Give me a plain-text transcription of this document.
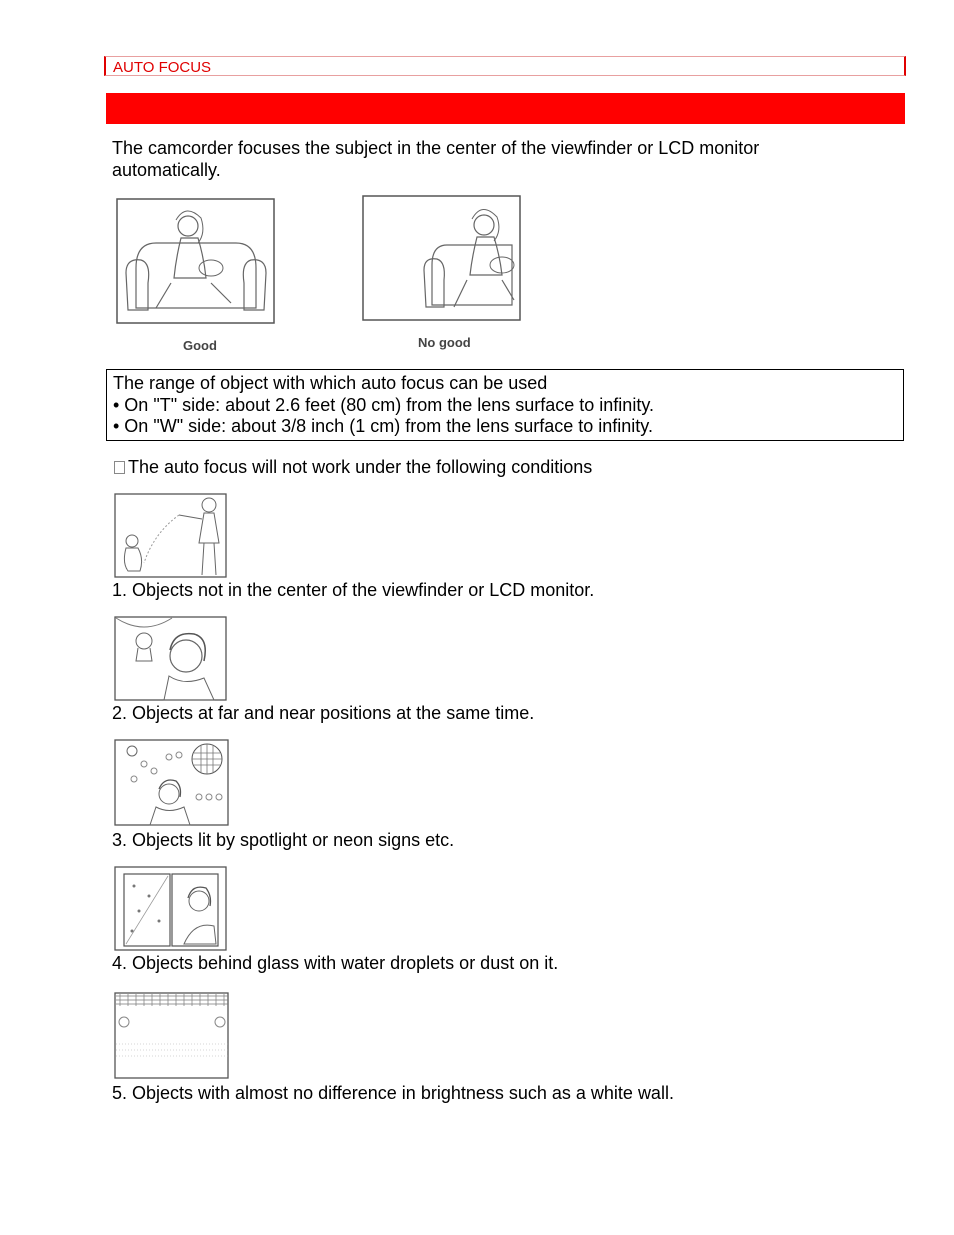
AUTO FOCUS
The camcorder focuses the subject in the center of the viewfinder or LCD monitor automatically.
Good	No good
The range of object with which auto focus can be used
• On "T" side: about 2.6 feet (80 cm) from the lens surface to infinity.
• On "W" side: about 3/8 inch (1 cm) from the lens surface to infinity.
The auto focus will not work under the following conditions
1. Objects not in the center of the viewfinder or LCD monitor.
2. Objects at far and near positions at the same time.
3. Objects lit by spotlight or neon signs etc.
4. Objects behind glass with water droplets or dust on it.
5. Objects with almost no difference in brightness such as a white wall.
